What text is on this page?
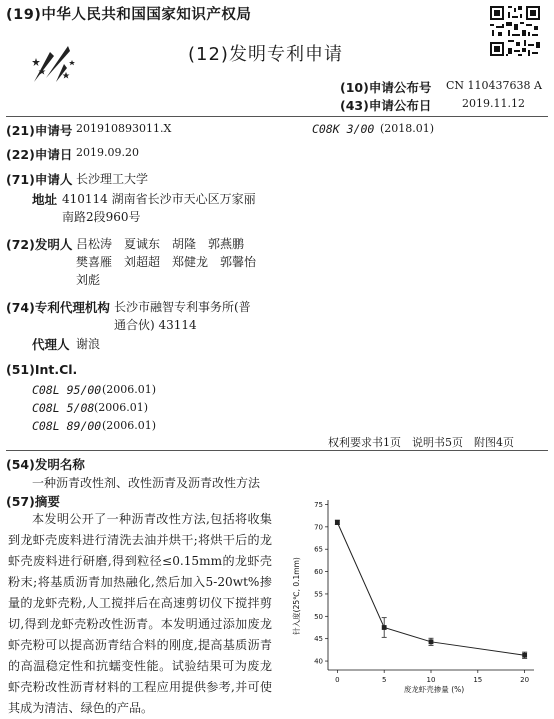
(19)中华人民共和国国家知识产权局
(12)发明专利申请
(10)申请公布号 CN 110437638 A
(43)申请公布日	2019.11.12
(21)申请号 201910893011.X	C08K 3/00 (2018.01)
(22)申请日 2019.09.20
(71)申请人 长沙理工大学
地址 410114 湖南省长沙市天心区万家丽
南路2段960号
(72)发明人 吕松涛　夏诚东　胡隆　郭燕鹏
樊喜雁　刘超超　郑健龙　郭馨怡
刘彪
(74)专利代理机构 长沙市融智专利事务所(普
通合伙) 43114
代理人 谢浪
(51)Int.Cl.
C08L 95/00 (2006.01)
C08L 5/08 (2006.01)
C08L 89/00 (2006.01)
权利要求书1页　说明书5页　附图4页
(54)发明名称
一种沥青改性剂、改性沥青及沥青改性方法
(57)摘要
本发明公开了一种沥青改性方法,包括将收集到龙虾壳废料进行清洗去油并烘干;将烘干后的龙虾壳废料进行研磨,得到粒径≤0.15mm的龙虾壳粉末;将基质沥青加热融化,然后加入5-20wt%掺量的龙虾壳粉,人工搅拌后在高速剪切仪下搅拌剪切,得到龙虾壳粉改性沥青。本发明通过添加废龙虾壳粉可以提高沥青结合料的刚度,提高基质沥青的高温稳定性和抗蠕变性能。试验结果可为废龙虾壳粉改性沥青材料的工程应用提供参考,并可使其成为清洁、绿色的产品。
40
45
50
55
60
65
70
75
0	5	10	15	20
针入度(25℃, 0.1mm)
废龙虾壳掺量 (%)
